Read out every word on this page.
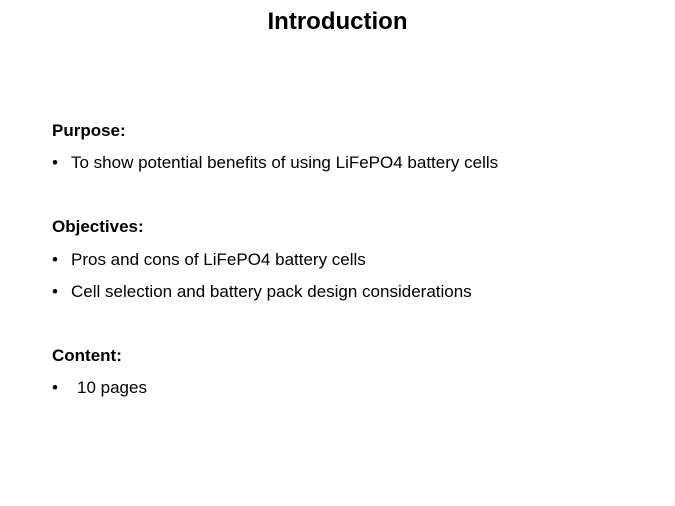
Introduction
Purpose:
• To show potential benefits of using LiFePO4 battery cells
Objectives:
• Pros and cons of LiFePO4 battery cells
• Cell selection and battery pack design considerations
Content:
• 10 pages
